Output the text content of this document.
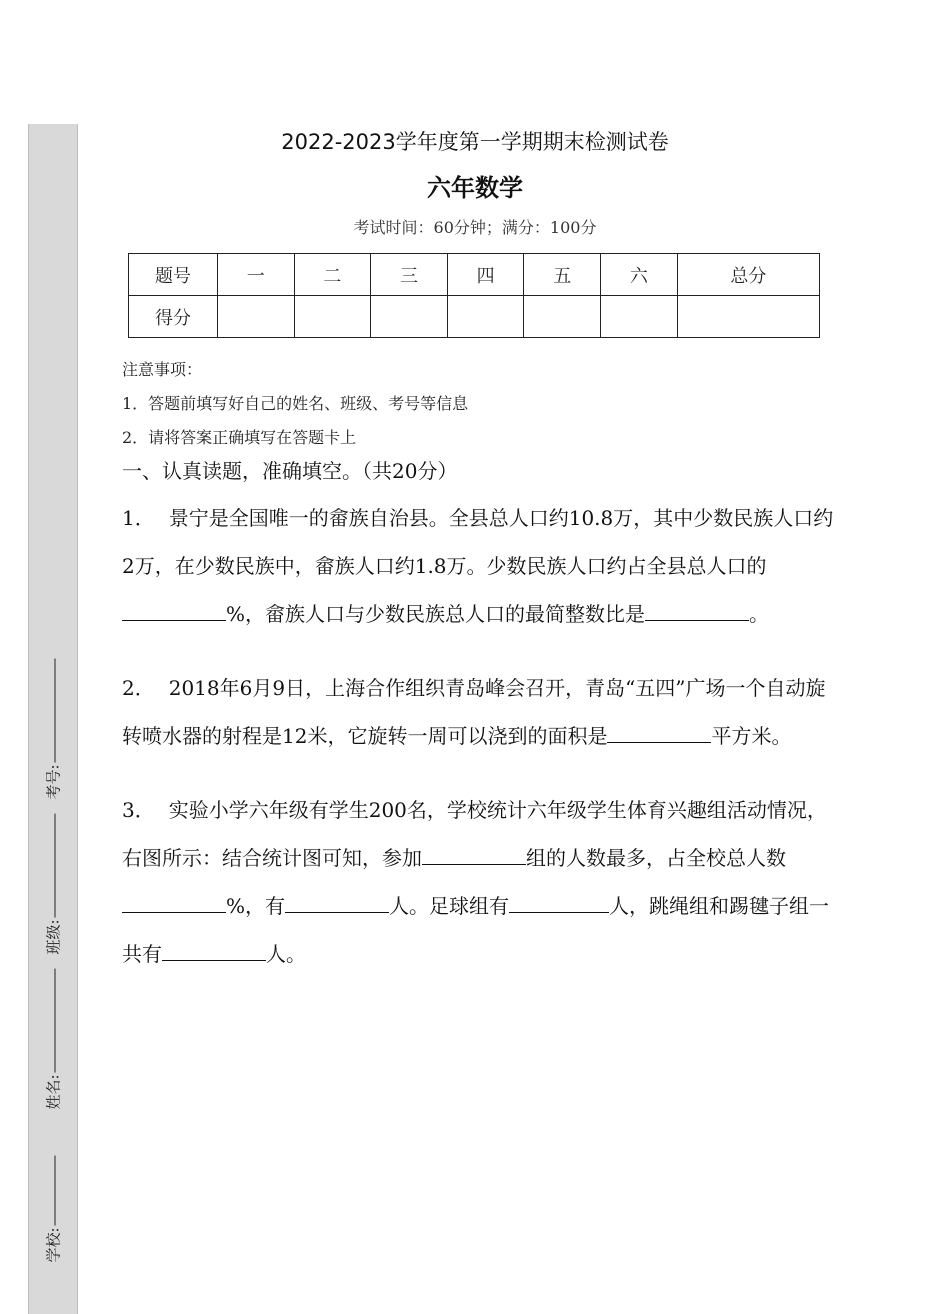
学校:
姓名:
班级:
考号:
2022-2023学年度第一学期期末检测试卷
六年数学
考试时间：60分钟；满分：100分
题号	一	二	三	四	五	六	总分
得分							
注意事项：
1．答题前填写好自己的姓名、班级、考号等信息
2．请将答案正确填写在答题卡上
一、认真读题，准确填空。（共20分）
1． 景宁是全国唯一的畲族自治县。全县总人口约10.8万，其中少数民族人口约2万，在少数民族中，畲族人口约1.8万。少数民族人口约占全县总人口的%，畲族人口与少数民族总人口的最简整数比是	。
2． 2018年6月9日，上海合作组织青岛峰会召开，青岛“五四”广场一个自动旋转喷水器的射程是12米，它旋转一周可以浇到的面积是	平方米。
3． 实验小学六年级有学生200名，学校统计六年级学生体育兴趣组活动情况，右图所示：结合统计图可知，参加	组的人数最多，占全校总人数%，有	人。足球组有	人，跳绳组和踢毽子组一共有	人。
